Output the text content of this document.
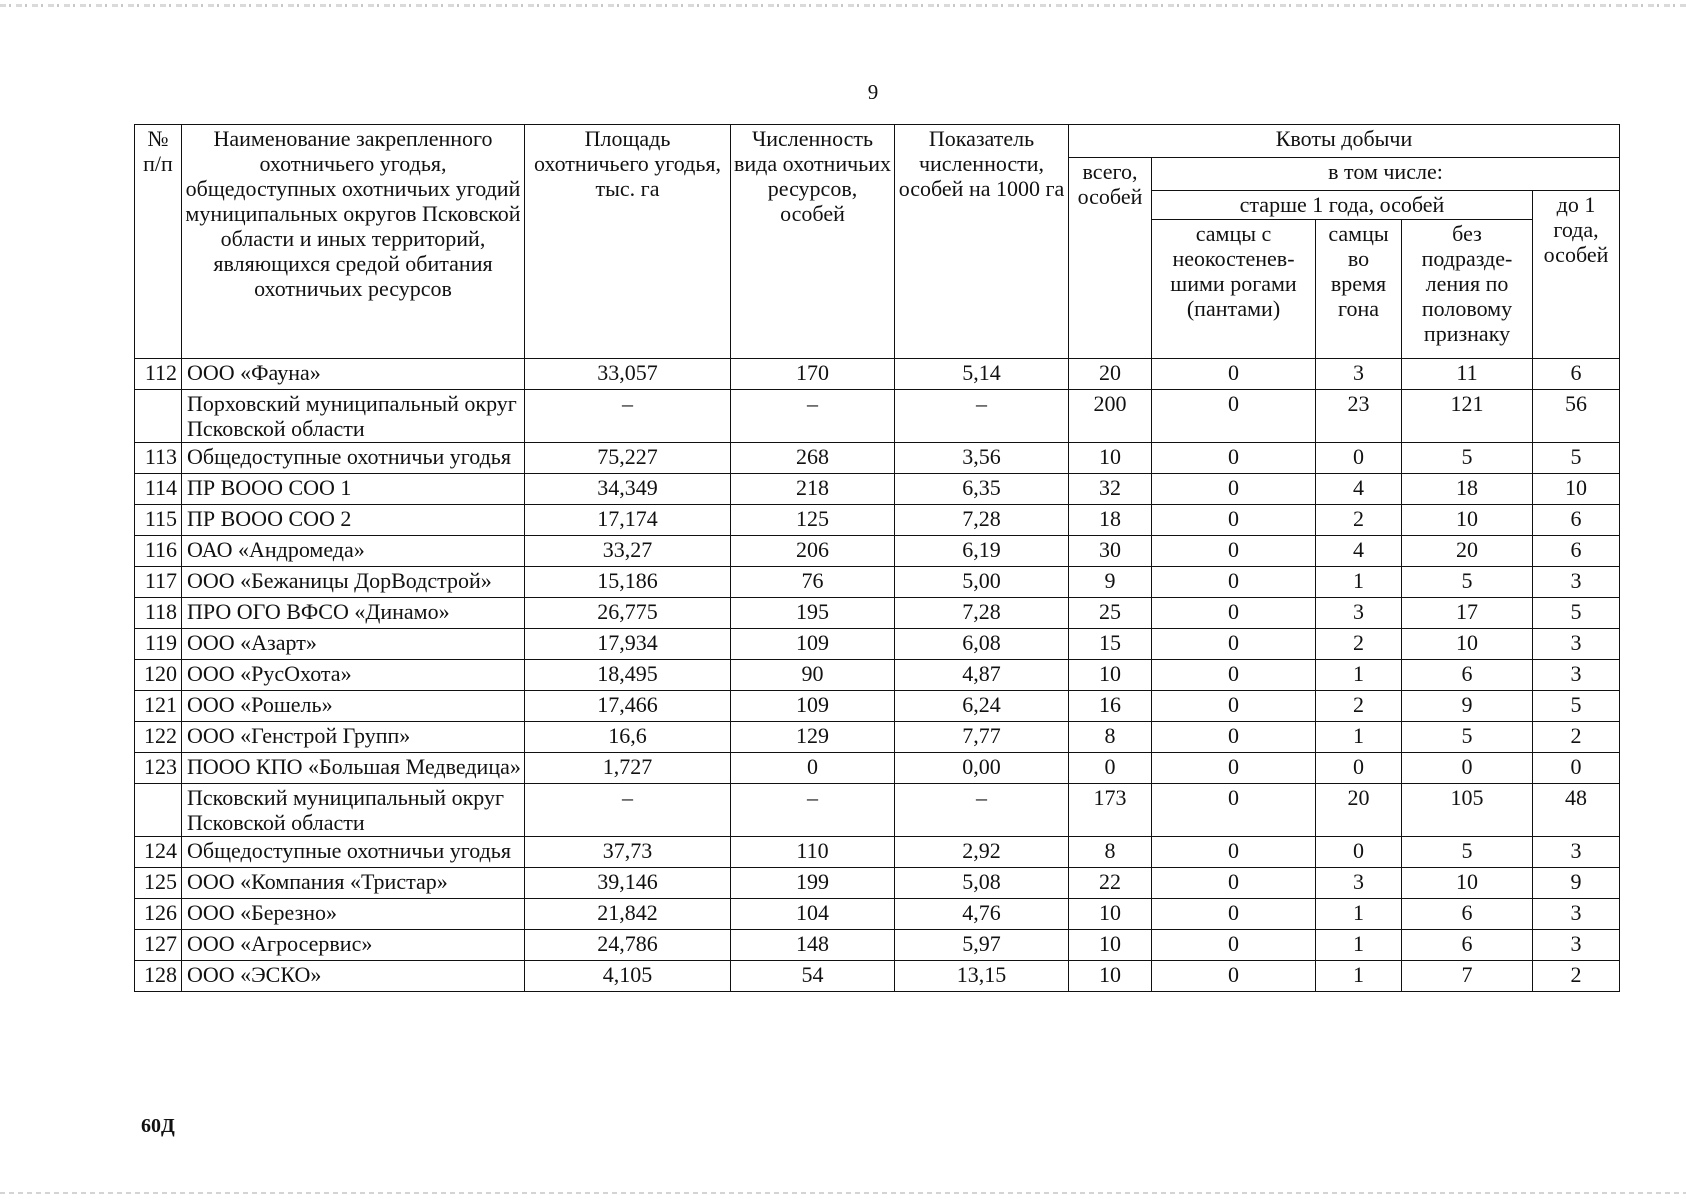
9
№ п/п	Наименование закрепленного охотничьего угодья, общедоступных охотничьих угодий муниципальных округов Псковской области и иных территорий, являющихся средой обитания охотничьих ресурсов	Площадь охотничьего угодья, тыс. га	Численность вида охотничьих ресурсов, особей	Показатель численности, особей на 1000 га	Квоты добычи				
					всего, особей	в том числе:			
						старше 1 года, особей			до 1 года, особей
						самцы с неокостенев-шими рогами (пантами)	самцы во время гона	без подразде-ления по половому признаку	
112	ООО «Фауна»	33,057	170	5,14	20	0	3	11	6
	Порховский муниципальный округ Псковской области	–	–	–	200	0	23	121	56
113	Общедоступные охотничьи угодья	75,227	268	3,56	10	0	0	5	5
114	ПР ВООО СОО 1	34,349	218	6,35	32	0	4	18	10
115	ПР ВООО СОО 2	17,174	125	7,28	18	0	2	10	6
116	ОАО «Андромеда»	33,27	206	6,19	30	0	4	20	6
117	ООО «Бежаницы ДорВодстрой»	15,186	76	5,00	9	0	1	5	3
118	ПРО ОГО ВФСО «Динамо»	26,775	195	7,28	25	0	3	17	5
119	ООО «Азарт»	17,934	109	6,08	15	0	2	10	3
120	ООО «РусОхота»	18,495	90	4,87	10	0	1	6	3
121	ООО «Рошель»	17,466	109	6,24	16	0	2	9	5
122	ООО «Генстрой Групп»	16,6	129	7,77	8	0	1	5	2
123	ПООО КПО «Большая Медведица»	1,727	0	0,00	0	0	0	0	0
	Псковский муниципальный округ Псковской области	–	–	–	173	0	20	105	48
124	Общедоступные охотничьи угодья	37,73	110	2,92	8	0	0	5	3
125	ООО «Компания «Тристар»	39,146	199	5,08	22	0	3	10	9
126	ООО «Березно»	21,842	104	4,76	10	0	1	6	3
127	ООО «Агросервис»	24,786	148	5,97	10	0	1	6	3
128	ООО «ЭСКО»	4,105	54	13,15	10	0	1	7	2
60Д
